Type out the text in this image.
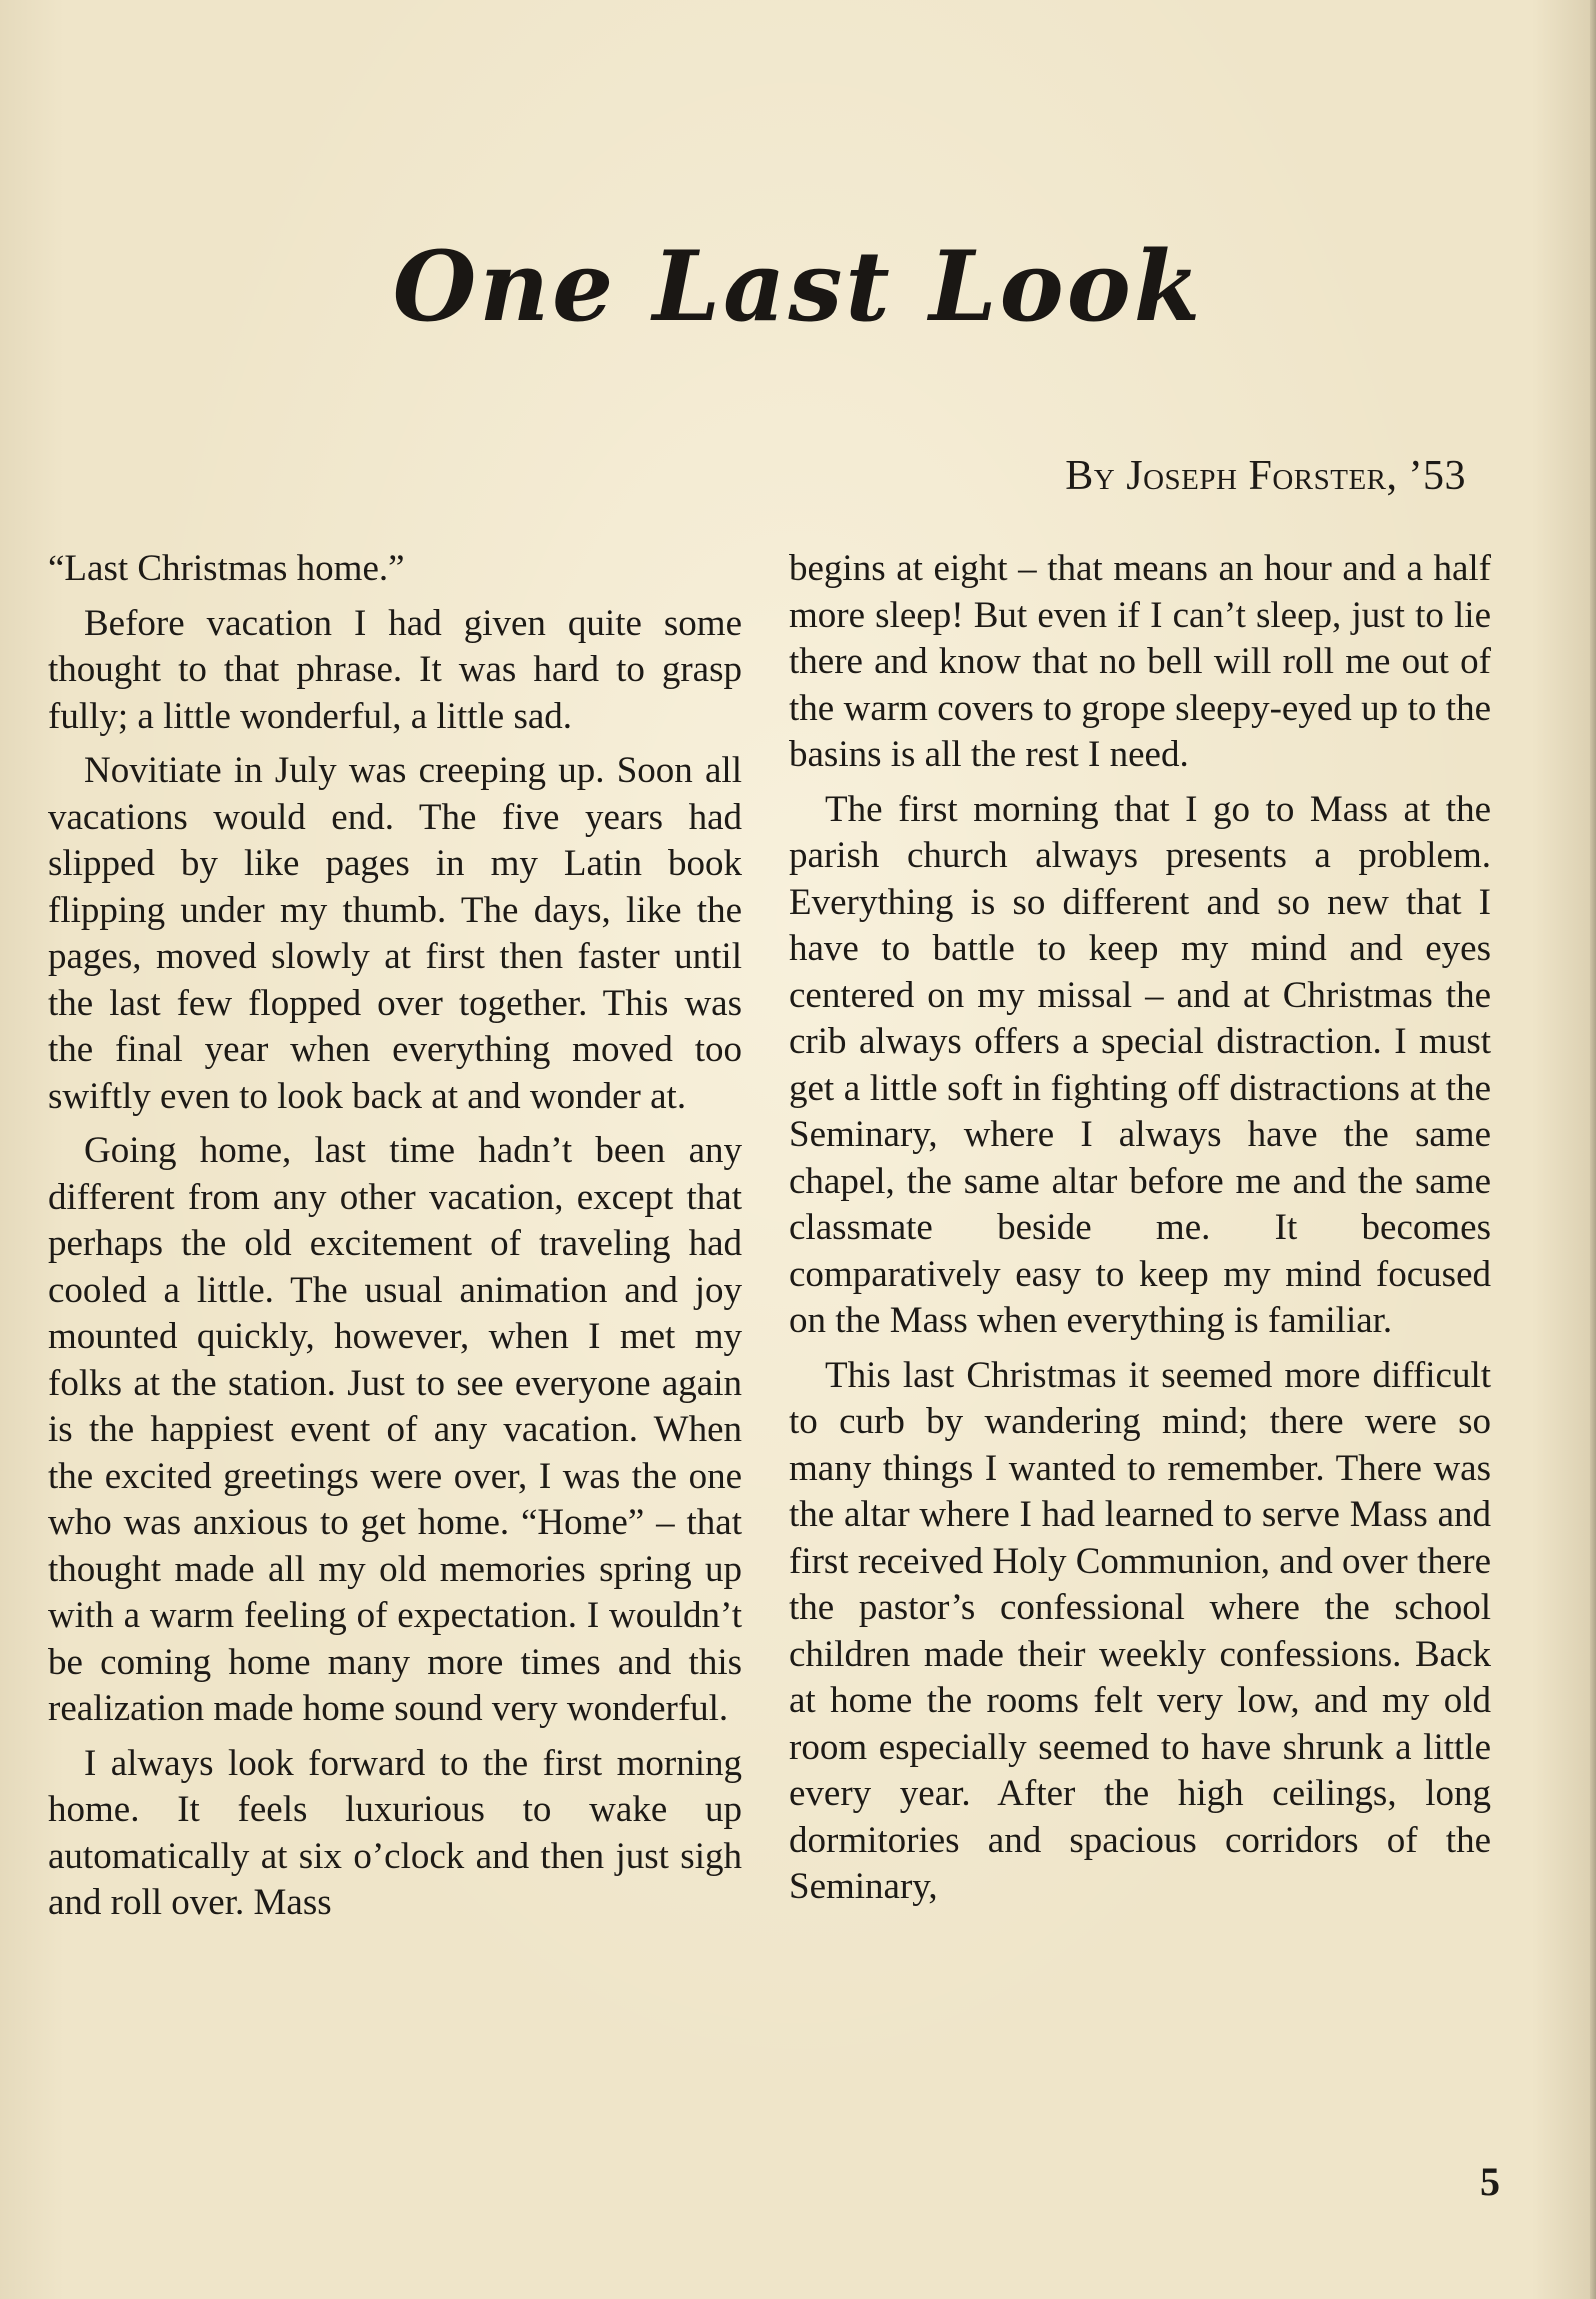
One Last Look
By Joseph Forster, ’53

“Last Christmas home.”

Before vacation I had given quite some thought to that phrase. It was hard to grasp fully; a little wonderful, a little sad.

Novitiate in July was creeping up. Soon all vacations would end. The five years had slipped by like pages in my Latin book flipping under my thumb. The days, like the pages, moved slowly at first then faster until the last few flopped over together. This was the final year when everything moved too swiftly even to look back at and wonder at.

Going home, last time hadn’t been any different from any other vacation, except that perhaps the old excitement of traveling had cooled a little. The usual animation and joy mounted quickly, however, when I met my folks at the station. Just to see everyone again is the happiest event of any vacation. When the excited greetings were over, I was the one who was anxious to get home. “Home” – that thought made all my old memories spring up with a warm feeling of expectation. I wouldn’t be coming home many more times and this realization made home sound very wonderful.

I always look forward to the first morning home. It feels luxurious to wake up automatically at six o’clock and then just sigh and roll over. Mass

begins at eight – that means an hour and a half more sleep! But even if I can’t sleep, just to lie there and know that no bell will roll me out of the warm covers to grope sleepy-eyed up to the basins is all the rest I need.

The first morning that I go to Mass at the parish church always presents a problem. Everything is so different and so new that I have to battle to keep my mind and eyes centered on my missal – and at Christmas the crib always offers a special distraction. I must get a little soft in fighting off distractions at the Seminary, where I always have the same chapel, the same altar before me and the same classmate beside me. It becomes comparatively easy to keep my mind focused on the Mass when everything is familiar.

This last Christmas it seemed more difficult to curb by wandering mind; there were so many things I wanted to remember. There was the altar where I had learned to serve Mass and first received Holy Communion, and over there the pastor’s confessional where the school children made their weekly confessions. Back at home the rooms felt very low, and my old room especially seemed to have shrunk a little every year. After the high ceilings, long dormitories and spacious corridors of the Seminary,

5
